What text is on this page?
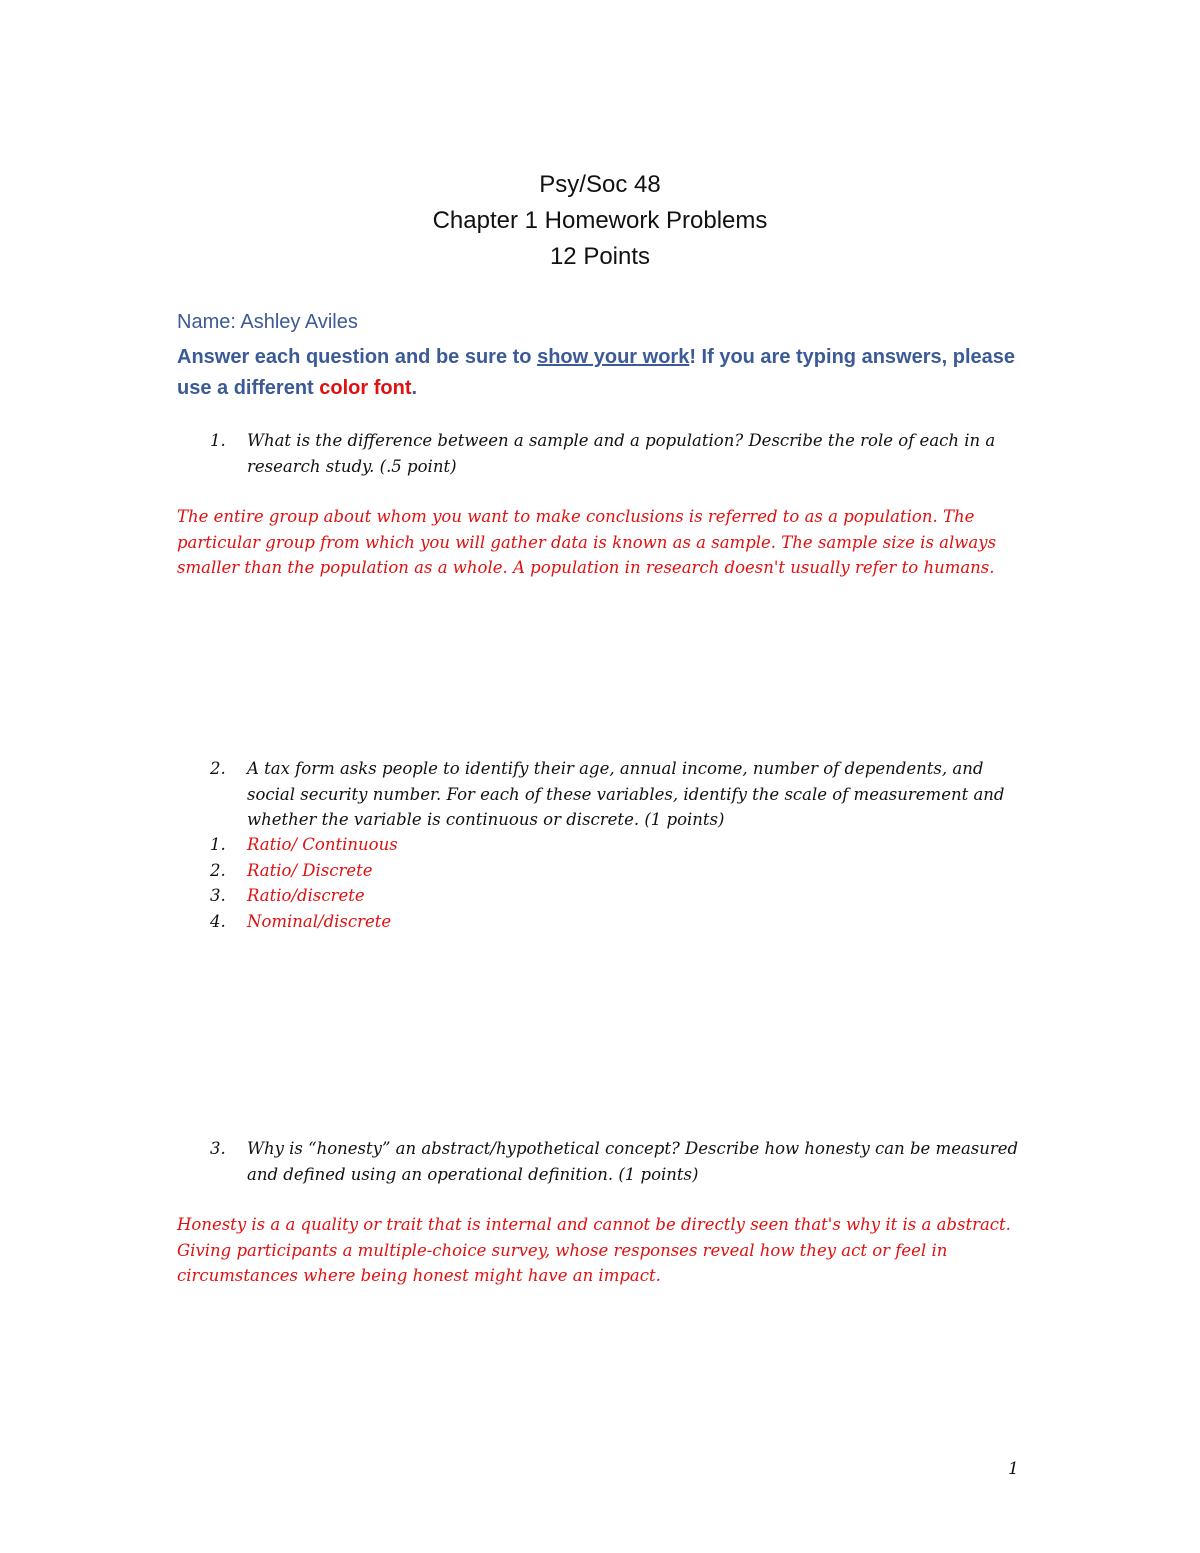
Psy/Soc 48
Chapter 1 Homework Problems
12 Points
Name: Ashley Aviles
Answer each question and be sure to show your work! If you are typing answers, please use a different color font.
1.	What is the difference between a sample and a population? Describe the role of each in a research study. (.5 point)
The entire group about whom you want to make conclusions is referred to as a population. The particular group from which you will gather data is known as a sample. The sample size is always smaller than the population as a whole. A population in research doesn't usually refer to humans.
2.	A tax form asks people to identify their age, annual income, number of dependents, and social security number. For each of these variables, identify the scale of measurement and whether the variable is continuous or discrete. (1 points)
1. Ratio/ Continuous
2. Ratio/ Discrete
3. Ratio/discrete
4. Nominal/discrete
3.	Why is “honesty” an abstract/hypothetical concept? Describe how honesty can be measured and defined using an operational definition. (1 points)
Honesty is a a quality or trait that is internal and cannot be directly seen that's why it is a abstract. Giving participants a multiple-choice survey, whose responses reveal how they act or feel in circumstances where being honest might have an impact.
1
